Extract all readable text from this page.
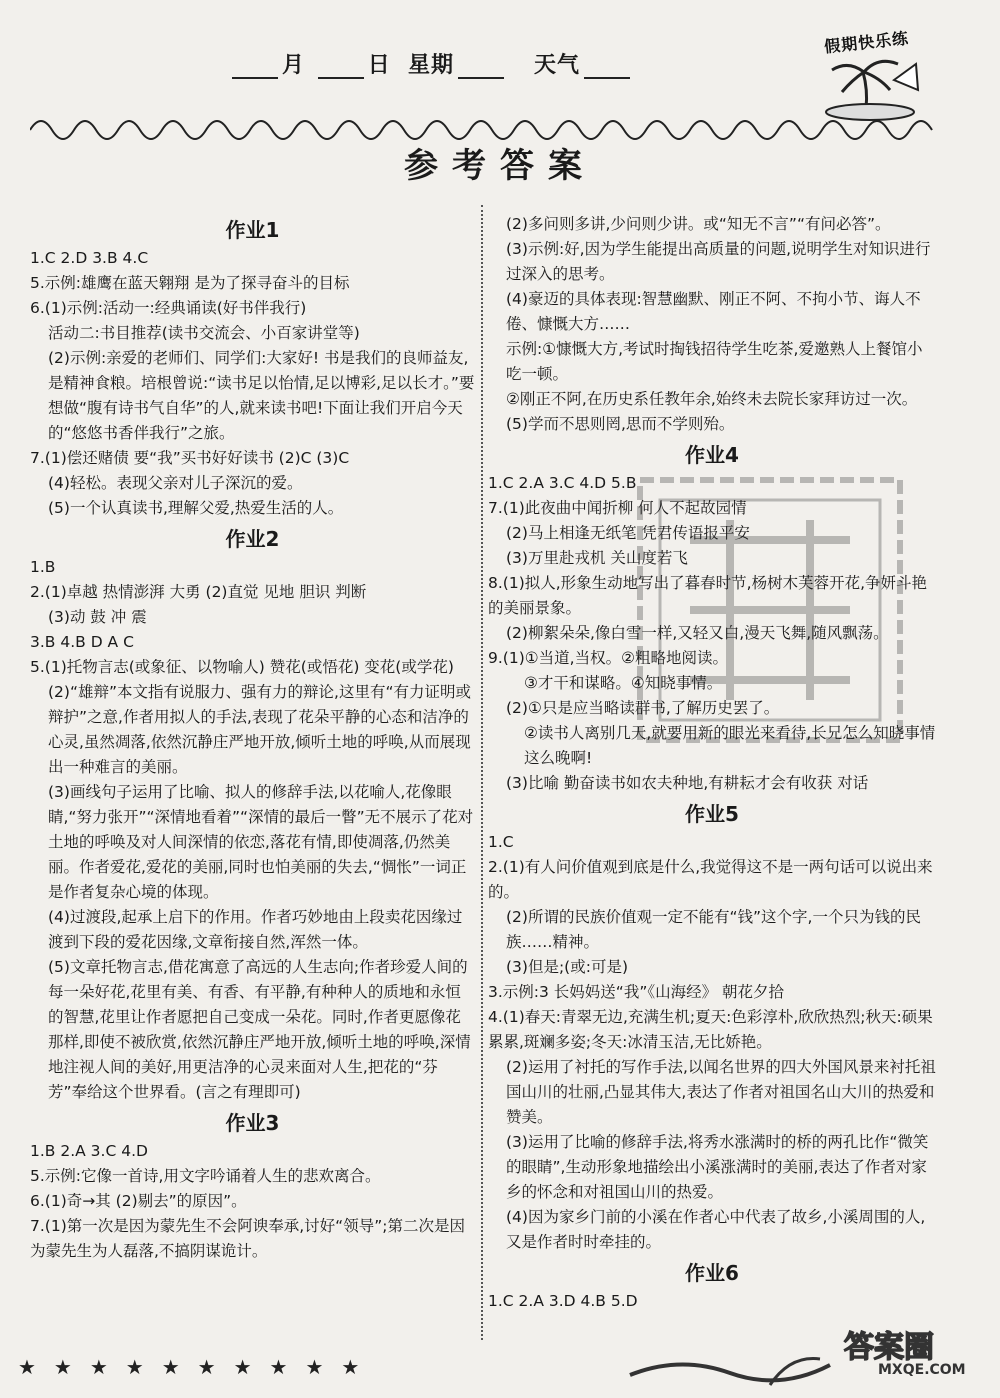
月	日 星期	天气
假期快乐练
参考答案
作业1
1.C 2.D 3.B 4.C
5.示例:雄鹰在蓝天翱翔 是为了探寻奋斗的目标
6.(1)示例:活动一:经典诵读(好书伴我行)
活动二:书目推荐(读书交流会、小百家讲堂等)
(2)示例:亲爱的老师们、同学们:大家好! 书是我们的良师益友,是精神食粮。培根曾说:“读书足以怡情,足以博彩,足以长才。”要想做“腹有诗书气自华”的人,就来读书吧!下面让我们开启今天的“悠悠书香伴我行”之旅。
7.(1)偿还赌债 要“我”买书好好读书 (2)C (3)C
(4)轻松。表现父亲对儿子深沉的爱。
(5)一个认真读书,理解父爱,热爱生活的人。
作业2
1.B
2.(1)卓越 热情澎湃 大勇 (2)直觉 见地 胆识 判断
(3)动 鼓 冲 震
3.B 4.B D A C
5.(1)托物言志(或象征、以物喻人) 赞花(或悟花) 变花(或学花)
(2)“雄辩”本文指有说服力、强有力的辩论,这里有“有力证明或辩护”之意,作者用拟人的手法,表现了花朵平静的心态和洁净的心灵,虽然凋落,依然沉静庄严地开放,倾听土地的呼唤,从而展现出一种难言的美丽。
(3)画线句子运用了比喻、拟人的修辞手法,以花喻人,花像眼睛,“努力张开”“深情地看着”“深情的最后一瞥”无不展示了花对土地的呼唤及对人间深情的依恋,落花有情,即使凋落,仍然美丽。作者爱花,爱花的美丽,同时也怕美丽的失去,“惆怅”一词正是作者复杂心境的体现。
(4)过渡段,起承上启下的作用。作者巧妙地由上段卖花因缘过渡到下段的爱花因缘,文章衔接自然,浑然一体。
(5)文章托物言志,借花寓意了高远的人生志向;作者珍爱人间的每一朵好花,花里有美、有香、有平静,有种种人的质地和永恒的智慧,花里让作者愿把自己变成一朵花。同时,作者更愿像花那样,即使不被欣赏,依然沉静庄严地开放,倾听土地的呼唤,深情地注视人间的美好,用更洁净的心灵来面对人生,把花的“芬芳”奉给这个世界看。(言之有理即可)
作业3
1.B 2.A 3.C 4.D
5.示例:它像一首诗,用文字吟诵着人生的悲欢离合。
6.(1)奇→其 (2)剔去”的原因”。
7.(1)第一次是因为蒙先生不会阿谀奉承,讨好“领导”;第二次是因为蒙先生为人磊落,不搞阴谋诡计。
(2)多问则多讲,少问则少讲。或“知无不言”“有问必答”。
(3)示例:好,因为学生能提出高质量的问题,说明学生对知识进行过深入的思考。
(4)豪迈的具体表现:智慧幽默、刚正不阿、不拘小节、诲人不倦、慷慨大方……
示例:①慷慨大方,考试时掏钱招待学生吃茶,爱邀熟人上餐馆小吃一顿。
②刚正不阿,在历史系任教年余,始终未去院长家拜访过一次。
(5)学而不思则罔,思而不学则殆。
作业4
1.C 2.A 3.C 4.D 5.B
7.(1)此夜曲中闻折柳 何人不起故园情
(2)马上相逢无纸笔 凭君传语报平安
(3)万里赴戎机 关山度若飞
8.(1)拟人,形象生动地写出了暮春时节,杨树木芙蓉开花,争妍斗艳的美丽景象。
(2)柳絮朵朵,像白雪一样,又轻又白,漫天飞舞,随风飘荡。
9.(1)①当道,当权。②粗略地阅读。
③才干和谋略。④知晓事情。
(2)①只是应当略读群书,了解历史罢了。
②读书人离别几天,就要用新的眼光来看待,长兄怎么知晓事情这么晚啊!
(3)比喻 勤奋读书如农夫种地,有耕耘才会有收获 对话
作业5
1.C
2.(1)有人问价值观到底是什么,我觉得这不是一两句话可以说出来的。
(2)所谓的民族价值观一定不能有“钱”这个字,一个只为钱的民族……精神。
(3)但是;(或:可是)
3.示例:3 长妈妈送“我”《山海经》 朝花夕拾
4.(1)春天:青翠无边,充满生机;夏天:色彩淳朴,欣欣热烈;秋天:硕果累累,斑斓多姿;冬天:冰清玉洁,无比娇艳。
(2)运用了衬托的写作手法,以闻名世界的四大外国风景来衬托祖国山川的壮丽,凸显其伟大,表达了作者对祖国名山大川的热爱和赞美。
(3)运用了比喻的修辞手法,将秀水涨满时的桥的两孔比作“微笑的眼睛”,生动形象地描绘出小溪涨满时的美丽,表达了作者对家乡的怀念和对祖国山川的热爱。
(4)因为家乡门前的小溪在作者心中代表了故乡,小溪周围的人,又是作者时时牵挂的。
作业6
1.C 2.A 3.D 4.B 5.D
★★★★★★★★★★
答案圈
MXQE.COM
